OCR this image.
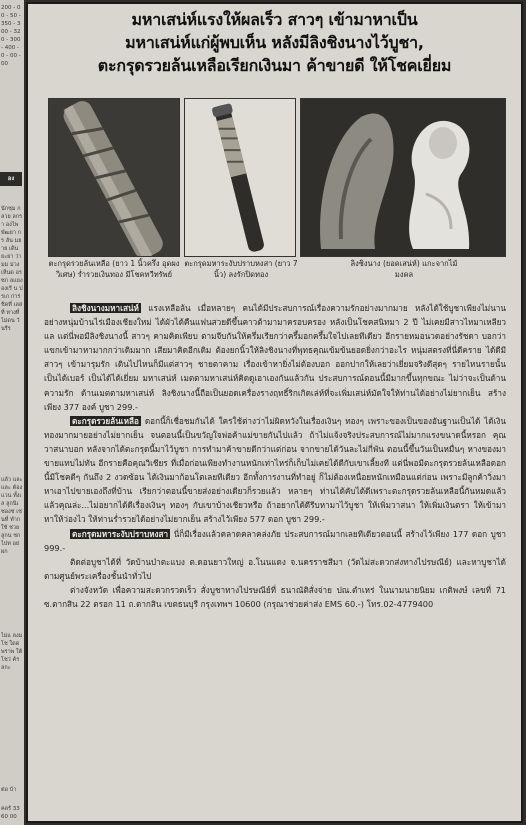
200 - 00 - 50 - 350 - 300 - 320 - 300 - 400 - 0 - 00 - 00
อง
นักซุม กลวย ลกรา องไพ พัฒยา กร ลัน มยาย เดิน ยะยา ว่ามม ม่วง เห็นด อร ซก ลแยง องเรี น ปรเก ก่าร่ ชิดที่ เลสที่ ทางที่ ไม่ดน วันรีร
แล้ว และ และ ต้อง แวน ทั้งเล ลูกนิเ ซองซ่ เช่นที่ ทำก ใช้ ช่วย ลูกน ชก ไปท อย่ ผก
ไม่แ ลงม โช ใดด พราพ ใต้ โชว่ ค้ร ลกะ
ต่อ บ้า
คลรั 3360 00
มหาเสน่ห์แรงให้ผลเร็ว สาวๆ เข้ามาหาเป็น
มหาเสน่ห์แก่ผู้พบเห็น หลังมีลิงชิงนางไว้บูชา,
ตะกรุดรวยล้นเหลือเรียกเงินมา ค้าขายดี ให้โชคเยี่ยม
ตะกรุดรวยล้นเหลือ (ยาว 1 นิ้วครึ่ง อุดผงวิเศษ) ร่ำรวยเงินทอง มีโชคทวีทรัพย์
ตะกรุดมหาระงับปราบหงสา (ยาว 7 นิ้ว) ลงรักปิดทอง
ลิงชิงนาง (ยอดเสน่ห์) แกะจากไม้มงคล

ลิงชิงนางมหาเสน่ห์ แรงเหลือล้น เมื่อหลายๆ คนได้มีประสบการณ์เรื่องความรักอย่างมากมาย หลังได้ใช้บูชาเพียงไม่นาน อย่างหนุ่มบ้านไร่เมืองเชียงใหม่ ได้ผัวได้คืนแฟนสวยดีขึ้นคาวต้ามามาครอบครอง หลังเป็นโชคสนิทมา 2 ปี ไม่เคยมีสาวไหมาเหลียวแล แต่นี่พอมีลิงชิงนางนี้ สาวๆ คามคิดเพียบ ตามจีบกันให้ครึ่มเรียกว่าครึ้มอกครึ้มใจไปเลยทีเดียว อีกรายหมอนวดอย่างรัชดา บอกว่าแขกเข้ามาหามากกว่าเดิมมาก เสียมาคิดอีกเดิม ต้องยกนิ้วให้ลิงชิงนางที่พุทธคุณเข้มข้นยอดยิ่งกว่าอะไร หนุ่มสตรงที่นี่ดีคราย ได้ดีมีสาวๆ เข้ามารุมรัก เดินไปไหนก็มีแต่สาวๆ ชายตาคาม เรื่องเข้าหายิ่งไม่ต้องบอก ออกปากให้เลยว่าเยี่ยมจริงดีสุดๆ รายไหนรายนั้น เป็นได้เบอร์ เป็นได้ได้เยี่ยม มหาเสน่ห์ เมตตามหาเสน่ห์คิดดูเอาเองกันแล้วกัน ประสบการณ์ตอนนี้มีมากขึ้นทุกขณะ ไม่ว่าจะเป็นด้านความรัก ด้านเมตตามหาเสน่ห์ ลิงชิงนางนี้ถือเป็นยอดเครื่องรางฤทธิ์ริกเกิดเล่ห์ที่จะเพิ่มเสน่ห์มัดใจให้ท่านได้อย่างไม่ยากเย็น สร้างเพียง 377 องค์ บูชา 299.-

ตะกรุดรวยล้นเหลือ ดอกนี้ก็เชื่อชมกันได้ ใครใช้ต่างว่าไม่ผิดหวังในเรื่องเงินๆ ทองๆ เพราะของเป็นของอันฐานเป็นได้ ได้เงินทองมากมายอย่างไม่ยากเย็น จนตอนนี้เป็นขวัญใจพ่อค้าแม่ขายกันไปแล้ว ถ้าไม่แจ้งจริงประสบการณ์ไม่มากแรงขนาดนี้หรอก คุณวาสนาบอก หลังจากได้ตะกรุดนี้มาไว้บูชา การทำมาค้าขายดีกว่าแต่ก่อน จากขายได้วันละไม่กี่พัน ตอนนี้ขึ้นวันเป็นหมื่นๆ หางของมาขายแทบไม่ทัน อีกรายคือคุณวิเชียร ที่เมื่อก่อนเพียงทำงานหนักเท่าไหร่ก็เก็บไม่เคยได้ดีกับเขาเลี้ยงที แต่นี่พอมีตะกรุดรวยล้นเหลือดอกนี้มีโชคดีๆ กันถึง 2 งวดซ้อน ได้เงินมาก้อนโตเลยทีเดียว อีกทั้งการงานที่ทำอยู่ ก็ไม่ต้องเหนื่อยหนักเหมือนแต่ก่อน เพราะมีลูกค้าวิ่งมาหาเอาไปขายเองถึงที่บ้าน เรียกว่าตอนนี้ขายส่งอย่างเดียวก็รวยแล้ว หลายๆ ท่านได้คับได้ดีเพราะตะกรุดรวยล้นเหลือนี้กันหมดแล้วแล้วคุณล่ะ...ไม่อยากได้ดีเรื่องเงินๆ ทองๆ กับเขาบ้างเชียวหรือ ถ้าอยากได้ดีรีบหามาไว้บูชา ให้เพิ่มวาสนา ให้เพิ่มเงินตรา ให้เข้ามาหาให้ว่องไว ให้ท่านร่ำรวยได้อย่างไม่ยากเย็น สร้างไว้เพียง 577 ดอก บูชา 299.-

ตะกรุดมหาระงับปราบหงสา นี่ก็มีเรื่องแล้วคลาดคลาคล่งภัย ประสบการณ์มากเลยทีเดียวตอนนี้ สร้างไว้เพียง 177 ดอก บูชา 999.-

ติดต่อบูชาได้ที่ วัดบ้านป่าตะแบง ต.ดอนยาวใหญ่ อ.โนนแดง จ.นครราชสีมา (วัดไม่สะดวกส่งทางไปรษณีย์) และหาบูชาได้ตามศูนย์พระเครื่องชั้นนำทั่วไป

ต่างจังหวัด เพื่อความสะดวกรวดเร็ว สั่งบูชาทางไปรษณีย์ที่ ธนาณัติสั่งจ่าย ปณ.ตำเหร่ ในนามนายนิยม เกติพงษ์ เลขที่ 71 ซ.ตากสิน 22 ตรอก 11 ถ.ตากสิน เขตธนบุรี กรุงเทพฯ 10600 (กรุณาช่วยค่าส่ง EMS 60.-) โทร.02-4779400
